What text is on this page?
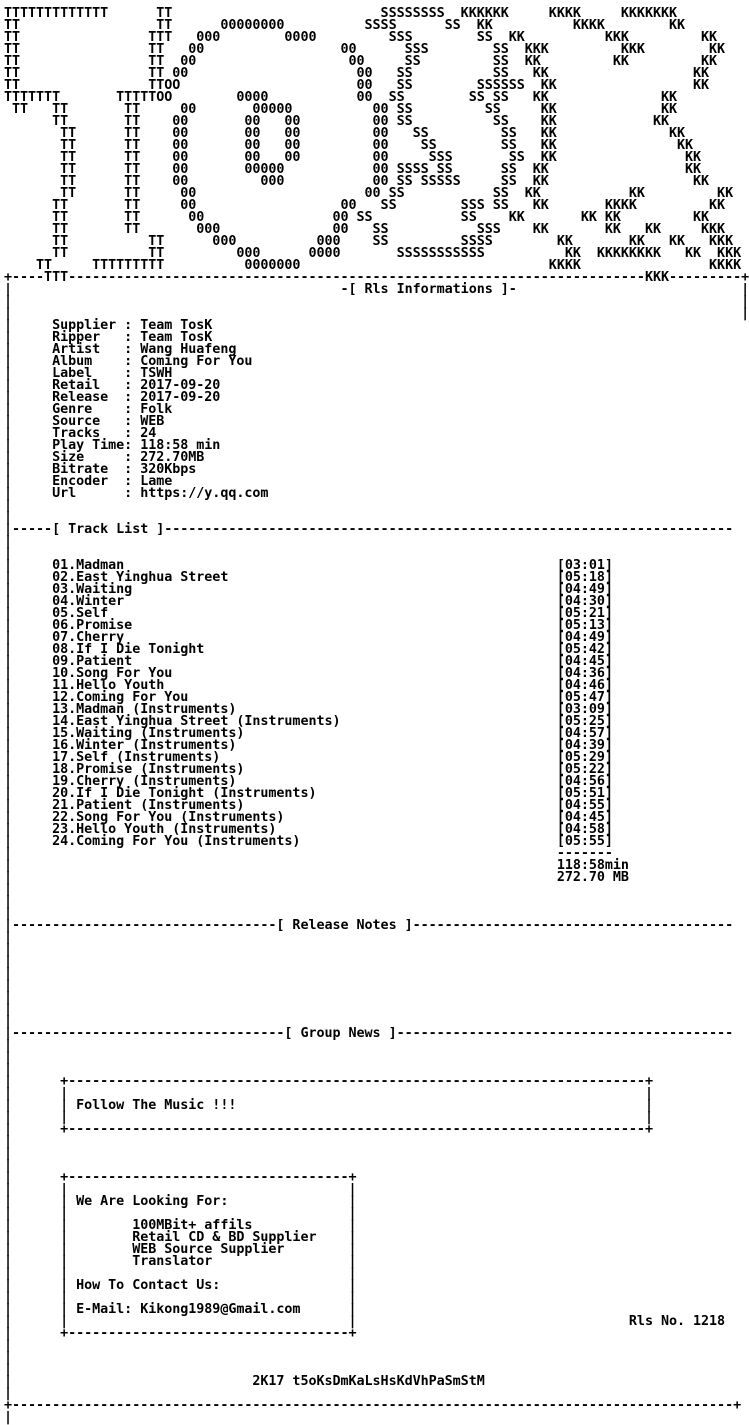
TTTTTTTTTTTTT      TT                          SSSSSSSS  KKKKKK     KKKK     KKKKKKK
TT                 TT      00000000          SSSS      SS  KK          KKKK        KK
TT                TTT   000        0000         SSS        SS  KK          KKK         KK
TT                TT   00                 00      SSS        SS  KKK         KKK        KK
TT                TT  00                   00     SS         SS  KK         KK         KK
TT                TT 00                     00   SS          SS   KK                  KK
TT                TTOO                      00   SS        SSSSSS  KK                 KK
TTTTTTT       TTTTTOO        0000           00  SS        SS SS   KK              KK
TT   TT       TT     00       00000          00 SS         SS     KK             KK
TT       TT    00       00   00         00 SS          SS    KK            KK
TT      TT    00       00   00         00   SS         SS   KK              KK
TT      TT    00       00   00         00    SS        SS   KK               KK
TT      TT    00       00   00         00     SSS       SS  KK                KK
TT      TT    00       00000           00 SSSS SS      SS  KK                 KK
TT      TT    00         000           00 SS SSSSS     SS  KK                  KK
TT      TT     00                     00 SS           SS  KK           KK         KK
TT       TT     00                  00   SS        SSS SS   KK       KKKK         KK
TT       TT      00                00 SS           SS    KK       KK KK         KK
TT       TT       000              00   SS           SSS    KK       KK   KK     KKK
TT          TT      000          000    SS         SSSS        KK       KK   KK   KKK
TT          TT         000      0000       SSSSSSSSSSS          KK  KKKKKKKK   KK  KKK
TT     TTTTTTTTT          0000000                               KKKK                KKKK
+----TTT------------------------------------------------------------------------KKK---------+
|                                         -[ Rls Informations ]-                            |
|                                                                                           |
|                                                                                           |
|     Supplier : Team TosK
|     Ripper   : Team TosK
|     Artist   : Wang Huafeng
|     Album    : Coming For You
|     Label    : TSWH
|     Retail   : 2017-09-20
|     Release  : 2017-09-20
|     Genre    : Folk
|     Source   : WEB
|     Tracks   : 24
|     Play Time: 118:58 min
|     Size     : 272.70MB
|     Bitrate  : 320Kbps
|     Encoder  : Lame
|     Url      : https://y.qq.com
|
|
|-----[ Track List ]-----------------------------------------------------------------------
|
|
|     01.Madman                                                      [03:01]
|     02.East Yinghua Street                                         [05:18]
|     03.Waiting                                                     [04:49]
|     04.Winter                                                      [04:30]
|     05.Self                                                        [05:21]
|     06.Promise                                                     [05:13]
|     07.Cherry                                                      [04:49]
|     08.If I Die Tonight                                            [05:42]
|     09.Patient                                                     [04:45]
|     10.Song For You                                                [04:36]
|     11.Hello Youth                                                 [04:46]
|     12.Coming For You                                              [05:47]
|     13.Madman (Instruments)                                        [03:09]
|     14.East Yinghua Street (Instruments)                           [05:25]
|     15.Waiting (Instruments)                                       [04:57]
|     16.Winter (Instruments)                                        [04:39]
|     17.Self (Instruments)                                          [05:29]
|     18.Promise (Instruments)                                       [05:22]
|     19.Cherry (Instruments)                                        [04:56]
|     20.If I Die Tonight (Instruments)                              [05:51]
|     21.Patient (Instruments)                                       [04:55]
|     22.Song For You (Instruments)                                  [04:45]
|     23.Hello Youth (Instruments)                                   [04:58]
|     24.Coming For You (Instruments)                                [05:55]
|                                                                    -------
|                                                                    118:58min
|                                                                    272.70 MB
|
|
|
|---------------------------------[ Release Notes ]----------------------------------------
|
|
|
|
|
|
|
|
|----------------------------------[ Group News ]------------------------------------------
|
|
|
|      +------------------------------------------------------------------------+
|      |                                                                        |
|      | Follow The Music !!!                                                   |
|      |                                                                        |
|      +------------------------------------------------------------------------+
|
|
|
|      +-----------------------------------+
|      |                                   |
|      | We Are Looking For:               |
|      |                                   |
|      |        100MBit+ affils            |
|      |        Retail CD & BD Supplier    |
|      |        WEB Source Supplier        |
|      |        Translator                 |
|      |                                   |
|      | How To Contact Us:                |
|      |                                   |
|      | E-Mail: Kikong1989@Gmail.com      |
|      |                                   |                                  Rls No. 1218
|      +-----------------------------------+
|
|
|
|                              2K17 t5oKsDmKaLsHsKdVhPaSmStM
|
+------------------------------------------------------------------------------------------+
|
